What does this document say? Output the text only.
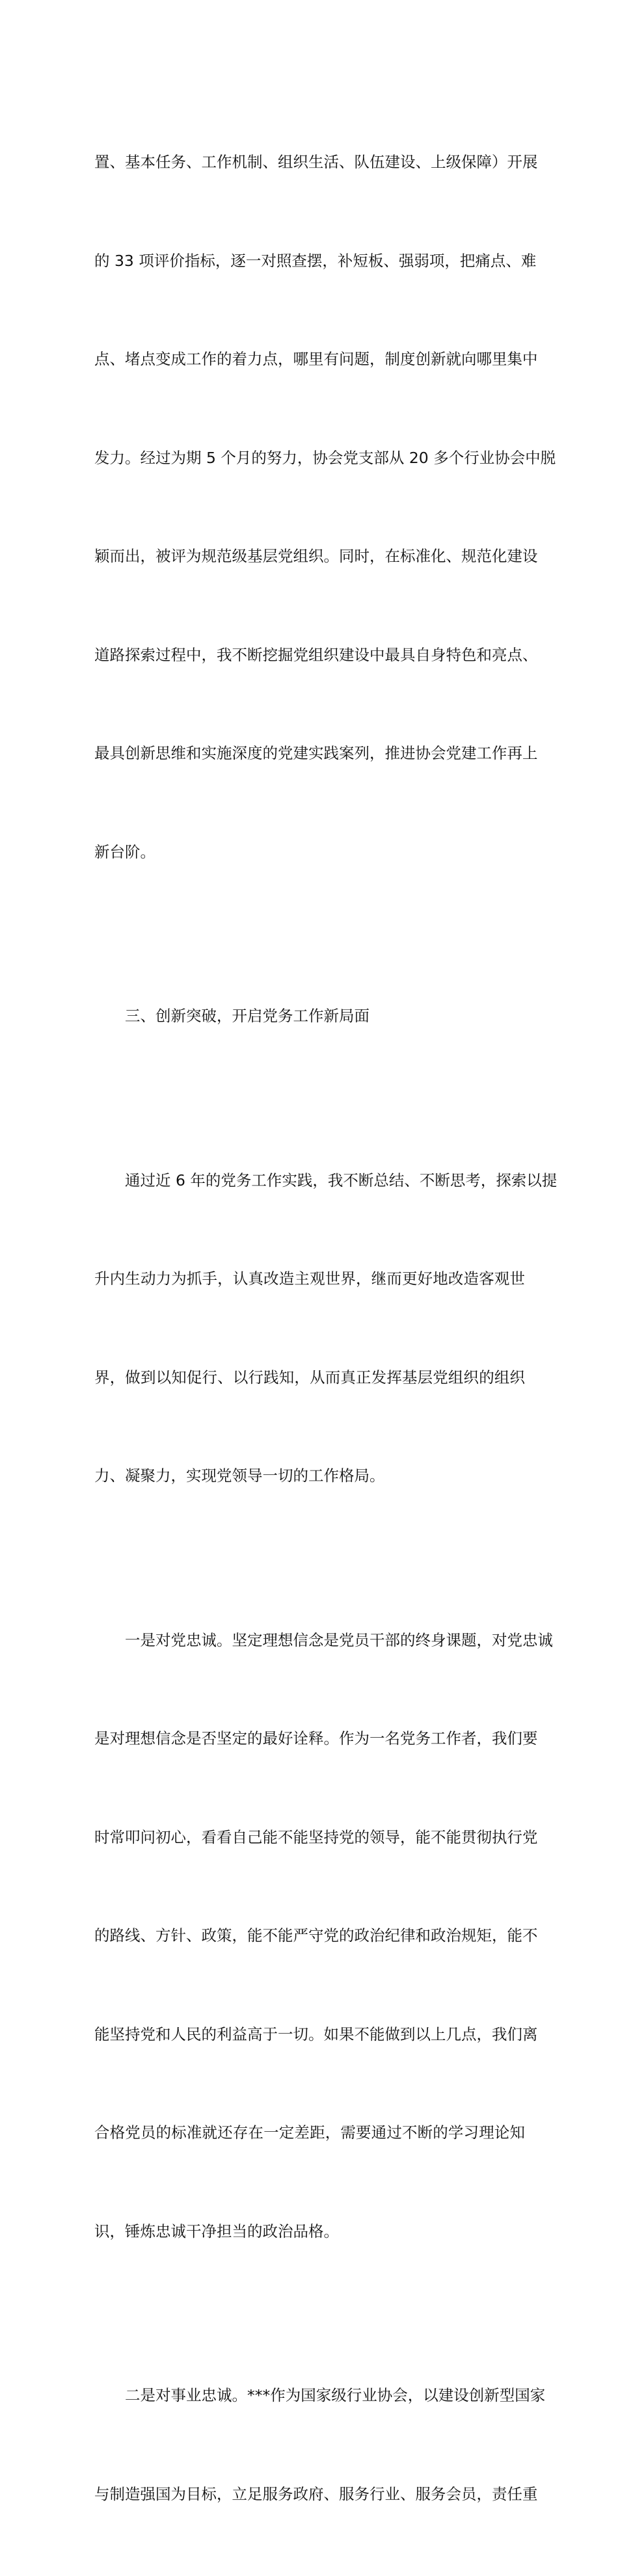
置、基本任务、工作机制、组织生活、队伍建设、上级保障）开展

的 33 项评价指标，逐一对照查摆，补短板、强弱项，把痛点、难

点、堵点变成工作的着力点，哪里有问题，制度创新就向哪里集中

发力。经过为期 5 个月的努力，协会党支部从 20 多个行业协会中脱

颖而出，被评为规范级基层党组织。同时，在标准化、规范化建设

道路探索过程中，我不断挖掘党组织建设中最具自身特色和亮点、

最具创新思维和实施深度的党建实践案列，推进协会党建工作再上

新台阶。

三、创新突破，开启党务工作新局面

通过近 6 年的党务工作实践，我不断总结、不断思考，探索以提

升内生动力为抓手，认真改造主观世界，继而更好地改造客观世

界，做到以知促行、以行践知，从而真正发挥基层党组织的组织

力、凝聚力，实现党领导一切的工作格局。

一是对党忠诚。坚定理想信念是党员干部的终身课题，对党忠诚

是对理想信念是否坚定的最好诠释。作为一名党务工作者，我们要

时常叩问初心，看看自己能不能坚持党的领导，能不能贯彻执行党

的路线、方针、政策，能不能严守党的政治纪律和政治规矩，能不

能坚持党和人民的利益高于一切。如果不能做到以上几点，我们离

合格党员的标准就还存在一定差距，需要通过不断的学习理论知

识，锤炼忠诚干净担当的政治品格。

二是对事业忠诚。***作为国家级行业协会，以建设创新型国家

与制造强国为目标，立足服务政府、服务行业、服务会员，责任重
